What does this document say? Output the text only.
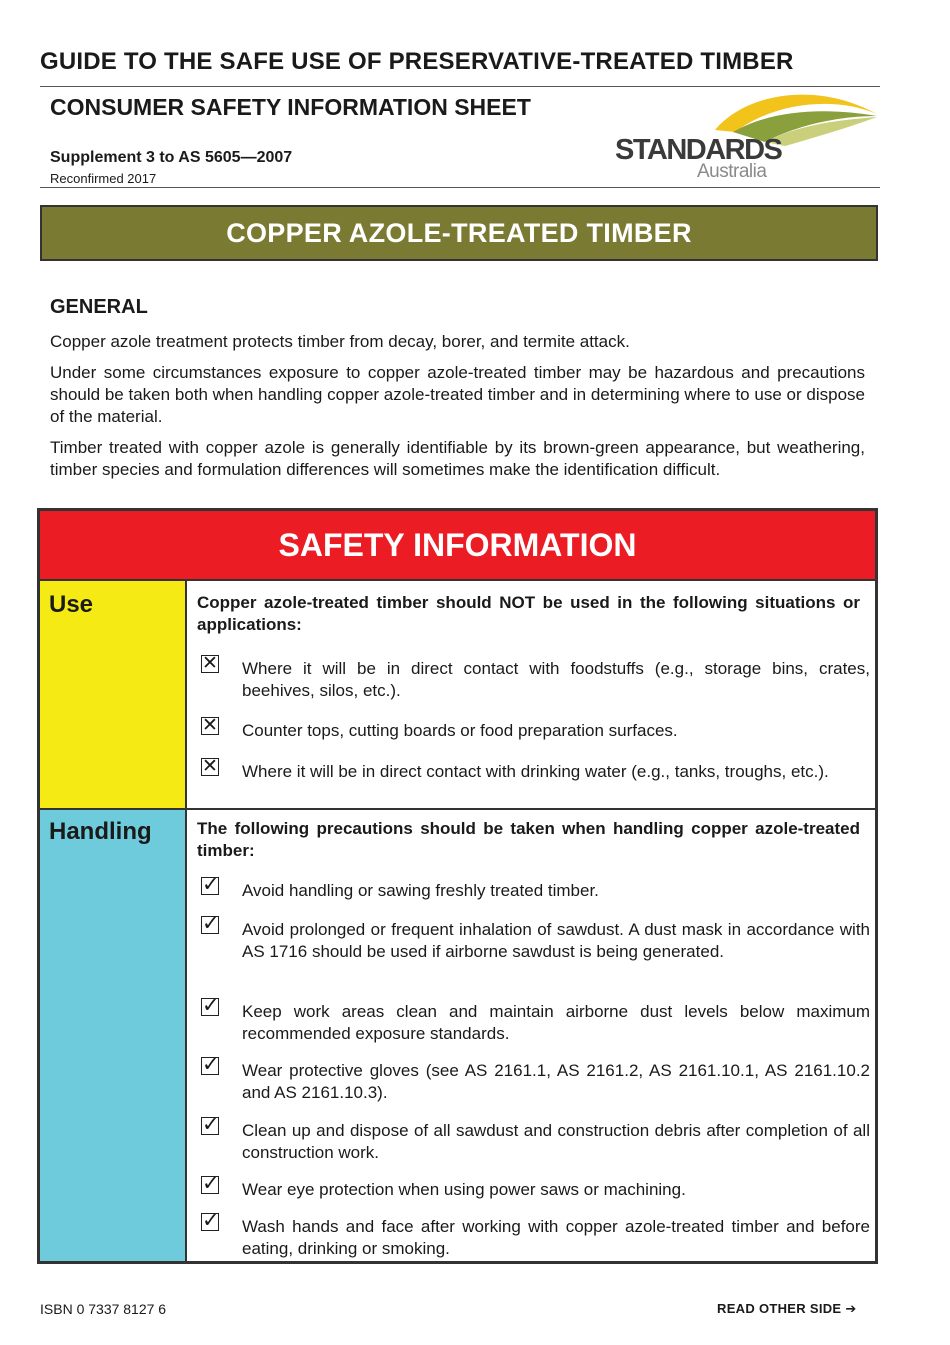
GUIDE TO THE SAFE USE OF PRESERVATIVE-TREATED TIMBER
CONSUMER SAFETY INFORMATION SHEET
Supplement 3 to AS 5605—2007
Reconfirmed 2017
STANDARDS
Australia
COPPER AZOLE-TREATED TIMBER
GENERAL
Copper azole treatment protects timber from decay, borer, and termite attack.
Under some circumstances exposure to copper azole-treated timber may be hazardous and precautions should be taken both when handling copper azole-treated timber and in determining where to use or dispose of the material.
Timber treated with copper azole is generally identifiable by its brown-green appearance, but weathering, timber species and formulation differences will sometimes make the identification difficult.
SAFETY INFORMATION
Use
Handling
Copper azole-treated timber should NOT be used in the following situations or applications:
✕ Where it will be in direct contact with foodstuffs (e.g., storage bins, crates, beehives, silos, etc.).
✕ Counter tops, cutting boards or food preparation surfaces.
✕ Where it will be in direct contact with drinking water (e.g., tanks, troughs, etc.).
The following precautions should be taken when handling copper azole-treated timber:
✓ Avoid handling or sawing freshly treated timber.
✓ Avoid prolonged or frequent inhalation of sawdust. A dust mask in accordance with AS 1716 should be used if airborne sawdust is being generated.
✓ Keep work areas clean and maintain airborne dust levels below maximum recommended exposure standards.
✓ Wear protective gloves (see AS 2161.1, AS 2161.2, AS 2161.10.1, AS 2161.10.2 and AS 2161.10.3).
✓ Clean up and dispose of all sawdust and construction debris after completion of all construction work.
✓ Wear eye protection when using power saws or machining.
✓ Wash hands and face after working with copper azole-treated timber and before eating, drinking or smoking.
ISBN 0 7337 8127 6	READ OTHER SIDE ➔
